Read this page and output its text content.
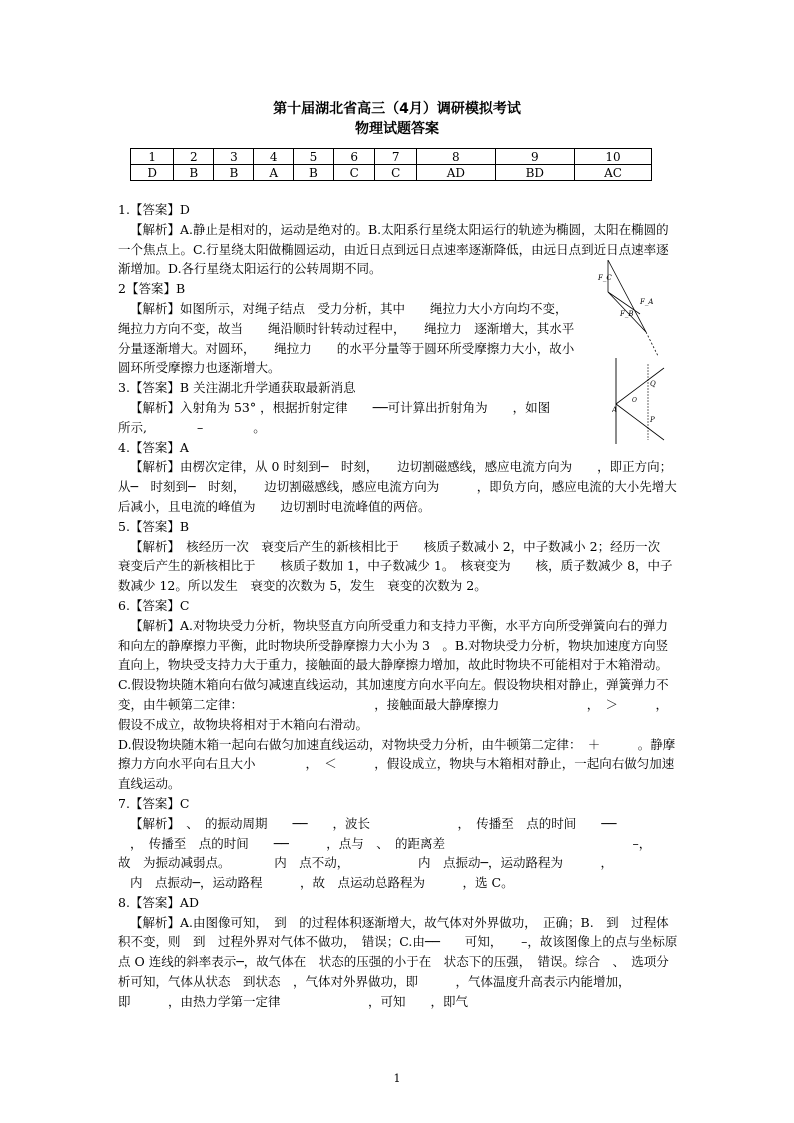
第十届湖北省高三（4月）调研模拟考试
物理试题答案
1	2	3	4	5	6	7	8	9	10
D	B	B	A	B	C	C	AD	BD	AC
F_C
F_A
F_B
Q
O
A
P

1.【答案】D

【解析】A.静止是相对的，运动是绝对的。B.太阳系行星绕太阳运行的轨迹为椭圆，太阳在椭圆的一个焦点上。C.行星绕太阳做椭圆运动，由近日点到远日点速率逐渐降低，由远日点到近日点速率逐渐增加。D.各行星绕太阳运行的公转周期不同。

2【答案】B

【解析】如图所示，对绳子结点　受力分析，其中　　绳拉力大小方向均不变，　　绳拉力方向不变，故当　　绳沿顺时针转动过程中，　　绳拉力　逐渐增大，其水平分量逐渐增大。对圆环，　　绳拉力　　的水平分量等于圆环所受摩擦力大小，故小圆环所受摩擦力也逐渐增大。

3.【答案】B 关注湖北升学通获取最新消息

【解析】入射角为 53° ，根据折射定律　　──可计算出折射角为　　，如图

所示,　　　　–　　　　。

4.【答案】A

【解析】由楞次定律，从 0 时刻到─　时刻，　　边切割磁感线，感应电流方向为　　，即正方向；从─　时刻到─　时刻，　　边切割磁感线，感应电流方向为　　　，即负方向，感应电流的大小先增大后减小，且电流的峰值为　　边切割时电流峰值的两倍。

5.【答案】B

【解析】　核经历一次　衰变后产生的新核相比于　　核质子数减小 2，中子数减小 2；经历一次　衰变后产生的新核相比于　　核质子数加 1，中子数减少 1。　核衰变为　　核，质子数减少 8，中子数减少 12。所以发生　衰变的次数为 5，发生　衰变的次数为 2。

6.【答案】C

【解析】A.对物块受力分析，物块竖直方向所受重力和支持力平衡，水平方向所受弹簧向右的弹力和向左的静摩擦力平衡，此时物块所受静摩擦力大小为 3　。B.对物块受力分析，物块加速度方向竖直向上，物块受支持力大于重力，接触面的最大静摩擦力增加，故此时物块不可能相对于木箱滑动。C.假设物块随木箱向右做匀减速直线运动，其加速度方向水平向左。假设物块相对静止，弹簧弹力不变，由牛顿第二定律：　　　　　　　　　　　，接触面最大静摩擦力　　　　　　　，　＞　　　，假设不成立，故物块将相对于木箱向右滑动。

D.假设物块随木箱一起向右做匀加速直线运动，对物块受力分析，由牛顿第二定律：　＋　　　。静摩擦力方向水平向右且大小　　　　，　＜　　　，假设成立，物块与木箱相对静止，一起向右做匀加速直线运动。

7.【答案】C

【解析】　、　的振动周期　　──　　，波长　　　　　　　，　传播至　点的时间　　──

，　传播至　点的时间　　──　　　，点与　、　的距离差　　　　　　　　　　　　　　　–，

故　为振动减弱点。　　　　内　点不动，　　　　　　内　点振动─，运动路程为　　　，

内　点振动─，运动路程　　　，故　点运动总路程为　　　，选 C。

8.【答案】AD

【解析】A.由图像可知，　到　的过程体积逐渐增大，故气体对外界做功，　正确；B.　到　过程体积不变，则　到　过程外界对气体不做功，　错误；C.由──　　可知，　　–，故该图像上的点与坐标原点 O 连线的斜率表示─，故气体在　状态的压强的小于在　状态下的压强，　错误。综合　、　选项分析可知，气体从状态　到状态　，气体对外界做功，即　　　，气体温度升高表示内能增加，即　　　，由热力学第一定律　　　　　　　，可知　　，即气

1
